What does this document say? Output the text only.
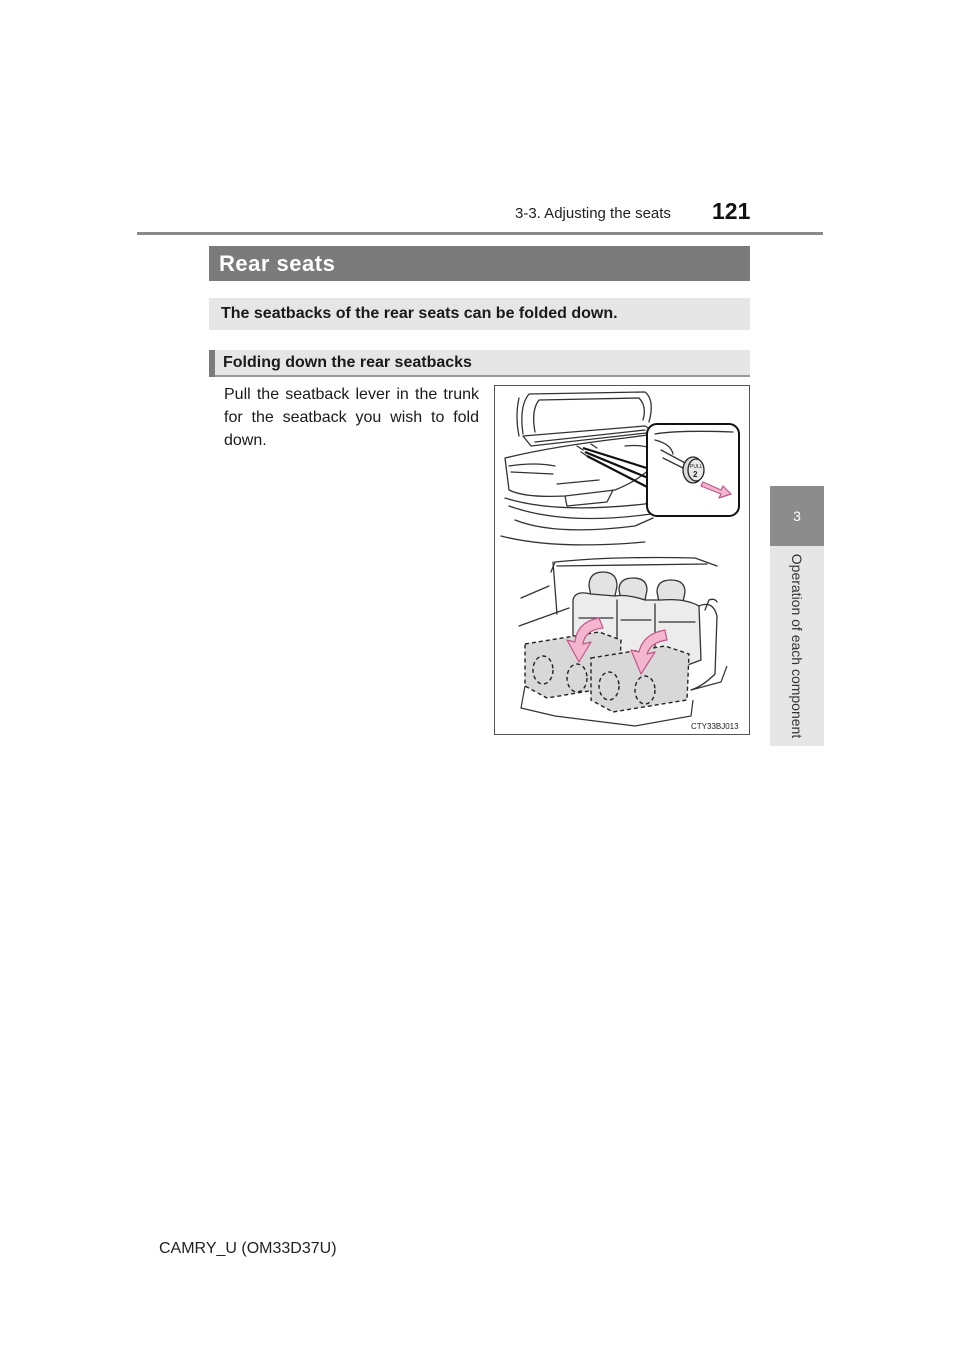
3-3. Adjusting the seats 121
3
Operation of each component
Rear seats

The seatbacks of the rear seats can be folded down.

Folding down the rear seatbacks

Pull the seatback lever in the trunk for the seatback you wish to fold down.

PULL
2
CTY33BJ013
CAMRY_U (OM33D37U)
